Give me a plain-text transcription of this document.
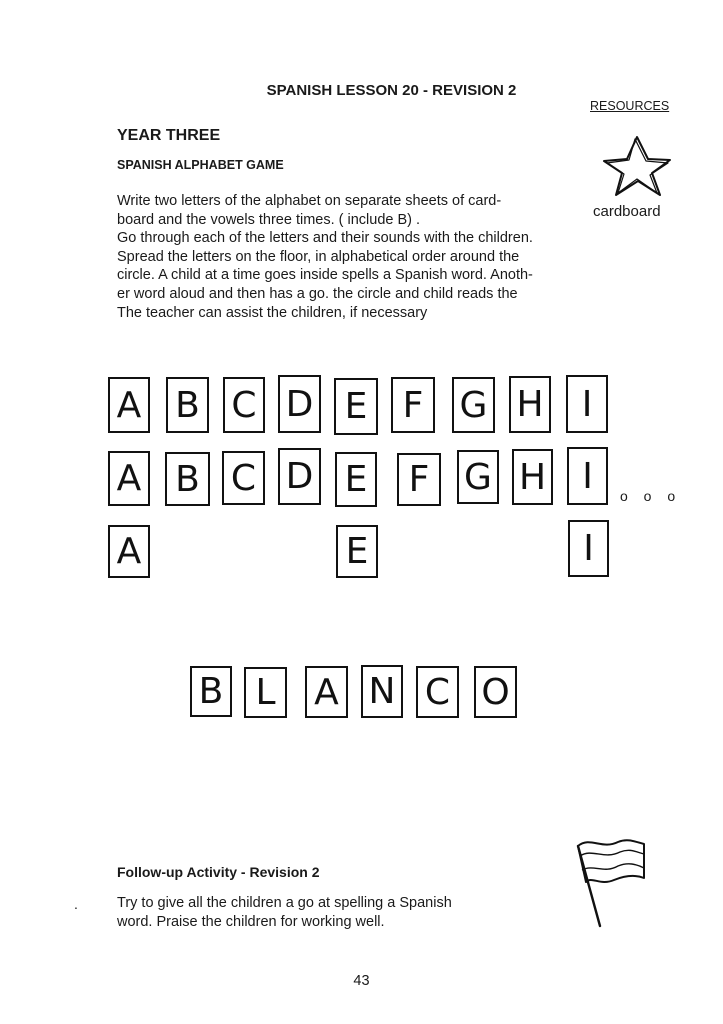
SPANISH LESSON 20 - REVISION 2
RESOURCES
YEAR THREE
SPANISH ALPHABET GAME
Write two letters of the alphabet on separate sheets of card-
board and the vowels three times. ( include B) .
Go through each of the letters and their sounds with the children.
Spread the letters on the floor, in alphabetical order around the
circle. A child at a time goes inside spells a Spanish word. Anoth-
er word aloud and then has a go. the circle and child reads the
The teacher can assist the children, if necessary
cardboard
A B C D E F	G H	I
A B C D E	F G H	I	o o o
A	E	I
B L	A N C O
Follow-up Activity - Revision 2
Try to give all the children a go at spelling a Spanish
word. Praise the children for working well.
.
43
